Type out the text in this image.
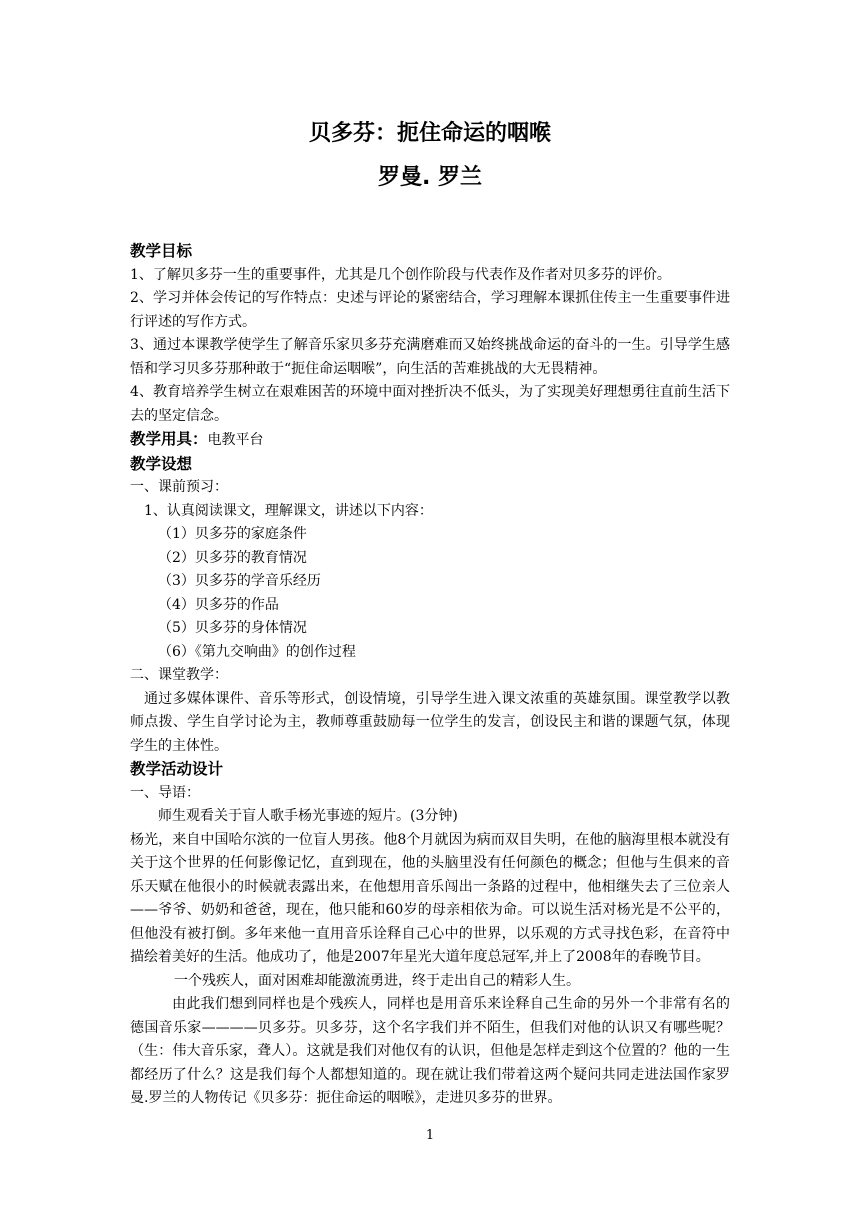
贝多芬：扼住命运的咽喉
罗曼. 罗兰

教学目标

1、了解贝多芬一生的重要事件，尤其是几个创作阶段与代表作及作者对贝多芬的评价。

2、学习并体会传记的写作特点：史述与评论的紧密结合，学习理解本课抓住传主一生重要事件进行评述的写作方式。

3、通过本课教学使学生了解音乐家贝多芬充满磨难而又始终挑战命运的奋斗的一生。引导学生感悟和学习贝多芬那种敢于“扼住命运咽喉”，向生活的苦难挑战的大无畏精神。

4、教育培养学生树立在艰难困苦的环境中面对挫折决不低头，为了实现美好理想勇往直前生活下去的坚定信念。

教学用具：电教平台

教学设想

一、课前预习：

1、认真阅读课文，理解课文，讲述以下内容：

（1）贝多芬的家庭条件

（2）贝多芬的教育情况

（3）贝多芬的学音乐经历

（4）贝多芬的作品

（5）贝多芬的身体情况

（6）《第九交响曲》的创作过程

二、课堂教学：

通过多媒体课件、音乐等形式，创设情境，引导学生进入课文浓重的英雄氛围。课堂教学以教师点拨、学生自学讨论为主，教师尊重鼓励每一位学生的发言，创设民主和谐的课题气氛，体现学生的主体性。

教学活动设计

一、导语：

师生观看关于盲人歌手杨光事迹的短片。(3分钟)

杨光，来自中国哈尔滨的一位盲人男孩。他8个月就因为病而双目失明，在他的脑海里根本就没有关于这个世界的任何影像记忆，直到现在，他的头脑里没有任何颜色的概念；但他与生俱来的音乐天赋在他很小的时候就表露出来，在他想用音乐闯出一条路的过程中，他相继失去了三位亲人——爷爷、奶奶和爸爸，现在，他只能和60岁的母亲相依为命。可以说生活对杨光是不公平的，但他没有被打倒。多年来他一直用音乐诠释自己心中的世界，以乐观的方式寻找色彩，在音符中描绘着美好的生活。他成功了，他是2007年星光大道年度总冠军,并上了2008年的春晚节目。

一个残疾人，面对困难却能激流勇进，终于走出自己的精彩人生。

由此我们想到同样也是个残疾人，同样也是用音乐来诠释自己生命的另外一个非常有名的德国音乐家————贝多芬。贝多芬，这个名字我们并不陌生，但我们对他的认识又有哪些呢？（生：伟大音乐家，聋人）。这就是我们对他仅有的认识，但他是怎样走到这个位置的？他的一生都经历了什么？这是我们每个人都想知道的。现在就让我们带着这两个疑问共同走进法国作家罗曼.罗兰的人物传记《贝多芬：扼住命运的咽喉》，走进贝多芬的世界。

1
